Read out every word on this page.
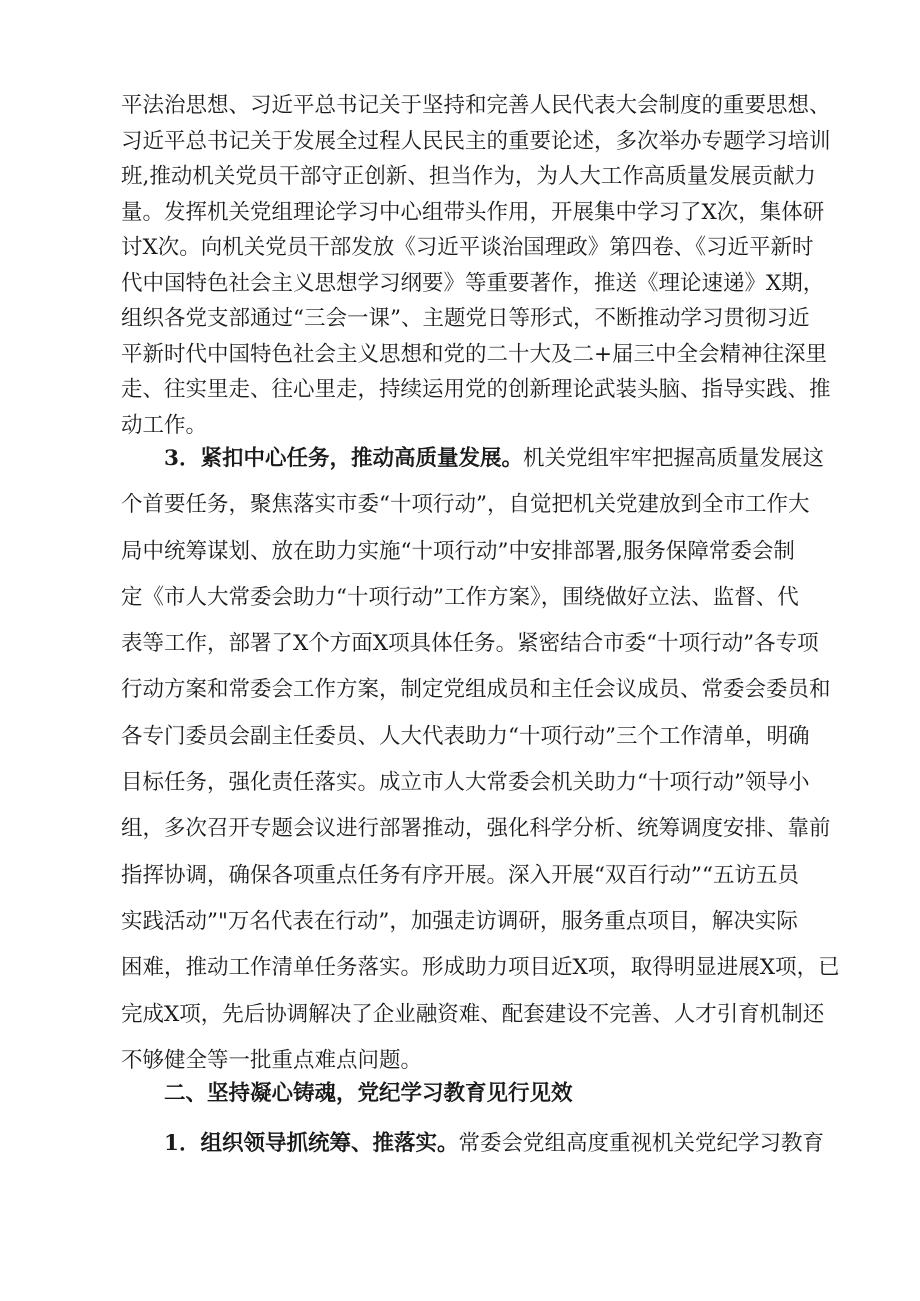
平法治思想、习近平总书记关于坚持和完善人民代表大会制度的重要思想、
习近平总书记关于发展全过程人民民主的重要论述，多次举办专题学习培训
班,推动机关党员干部守正创新、担当作为，为人大工作高质量发展贡献力
量。发挥机关党组理论学习中心组带头作用，开展集中学习了X次，集体研
讨X次。向机关党员干部发放《习近平谈治国理政》第四卷、《习近平新时
代中国特色社会主义思想学习纲要》等重要著作，推送《理论速递》X期，
组织各党支部通过“三会一课”、主题党日等形式，不断推动学习贯彻习近
平新时代中国特色社会主义思想和党的二十大及二+届三中全会精神往深里
走、往实里走、往心里走，持续运用党的创新理论武装头脑、指导实践、推
动工作。
3．紧扣中心任务，推动高质量发展。机关党组牢牢把握高质量发展这
个首要任务，聚焦落实市委“十项行动”，自觉把机关党建放到全市工作大
局中统筹谋划、放在助力实施“十项行动”中安排部署,服务保障常委会制
定《市人大常委会助力“十项行动”工作方案》，围绕做好立法、监督、代
表等工作，部署了X个方面X项具体任务。紧密结合市委“十项行动”各专项
行动方案和常委会工作方案，制定党组成员和主任会议成员、常委会委员和
各专门委员会副主任委员、人大代表助力“十项行动”三个工作清单，明确
目标任务，强化责任落实。成立市人大常委会机关助力“十项行动”领导小
组，多次召开专题会议进行部署推动，强化科学分析、统筹调度安排、靠前
指挥协调，确保各项重点任务有序开展。深入开展“双百行动”“五访五员
实践活动”"万名代表在行动”，加强走访调研，服务重点项目，解决实际
困难，推动工作清单任务落实。形成助力项目近X项，取得明显进展X项，已
完成X项，先后协调解决了企业融资难、配套建设不完善、人才引育机制还
不够健全等一批重点难点问题。
二、坚持凝心铸魂，党纪学习教育见行见效
1．组织领导抓统筹、推落实。常委会党组高度重视机关党纪学习教育
